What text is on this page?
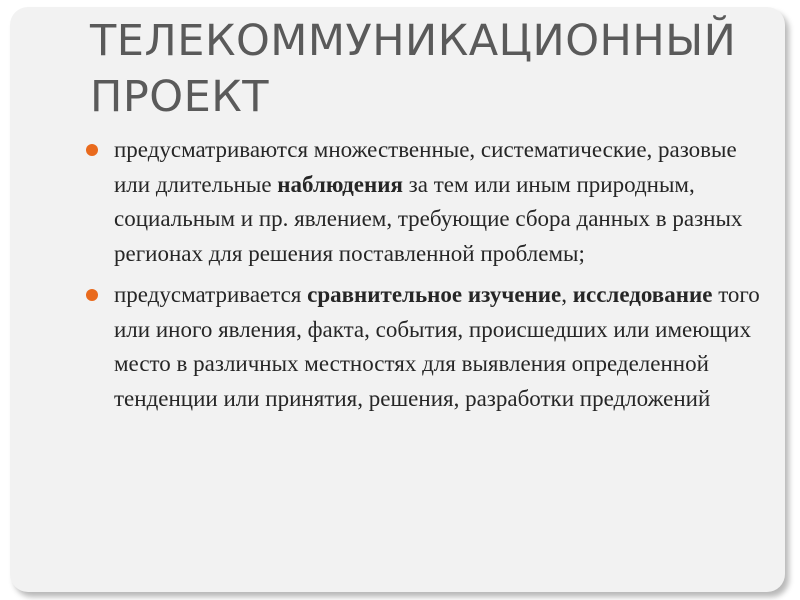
ТЕЛЕКОММУНИКАЦИОННЫЙ ПРОЕКТ
предусматриваются множественные, систематические, разовые или длительные наблюдения за тем или иным природным, социальным и пр. явлением, требующие сбора данных в разных регионах для решения поставленной проблемы;
предусматривается сравнительное изучение, исследование того или иного явления, факта, события, происшедших или имеющих место в различных местностях для выявления определенной тенденции или принятия, решения, разработки предложений
